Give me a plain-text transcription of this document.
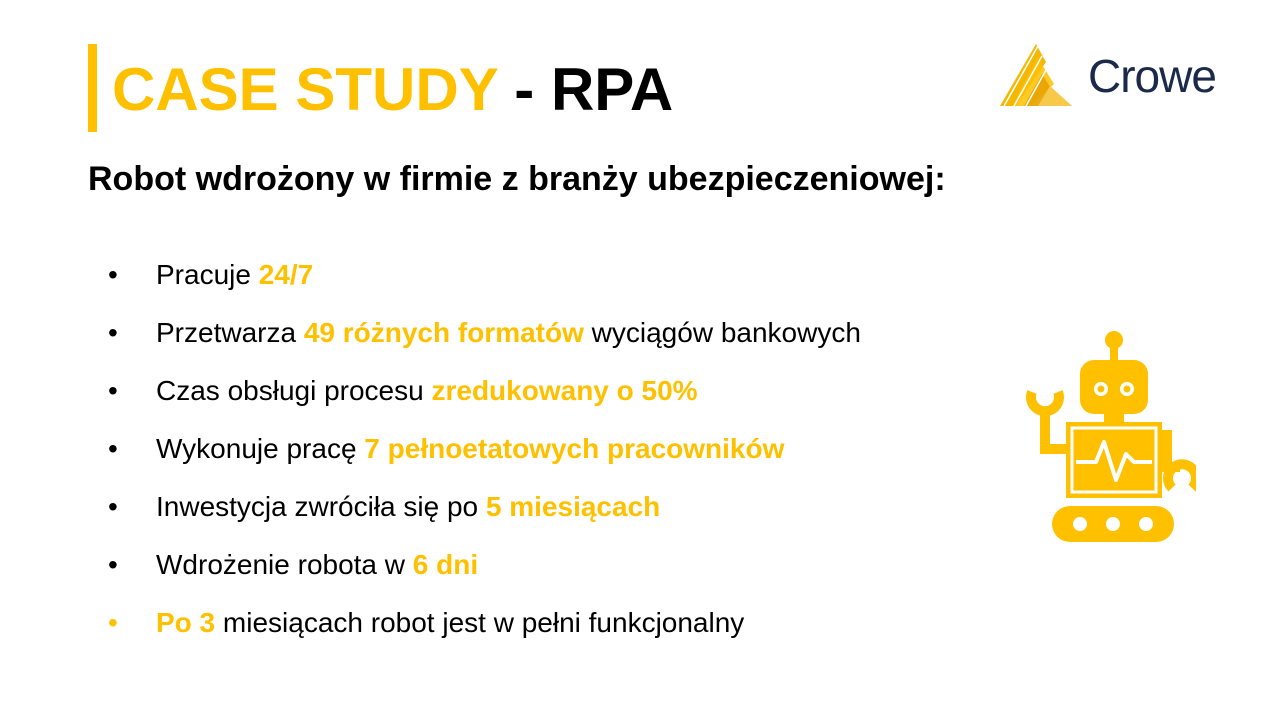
CASE STUDY - RPA	Crowe
Robot wdrożony w firmie z branży ubezpieczeniowej:
•	Pracuje 24/7
•	Przetwarza 49 różnych formatów wyciągów bankowych
•	Czas obsługi procesu zredukowany o 50%
•	Wykonuje pracę 7 pełnoetatowych pracowników
•	Inwestycja zwróciła się po 5 miesiącach
•	Wdrożenie robota w 6 dni
•	Po 3 miesiącach robot jest w pełni funkcjonalny
